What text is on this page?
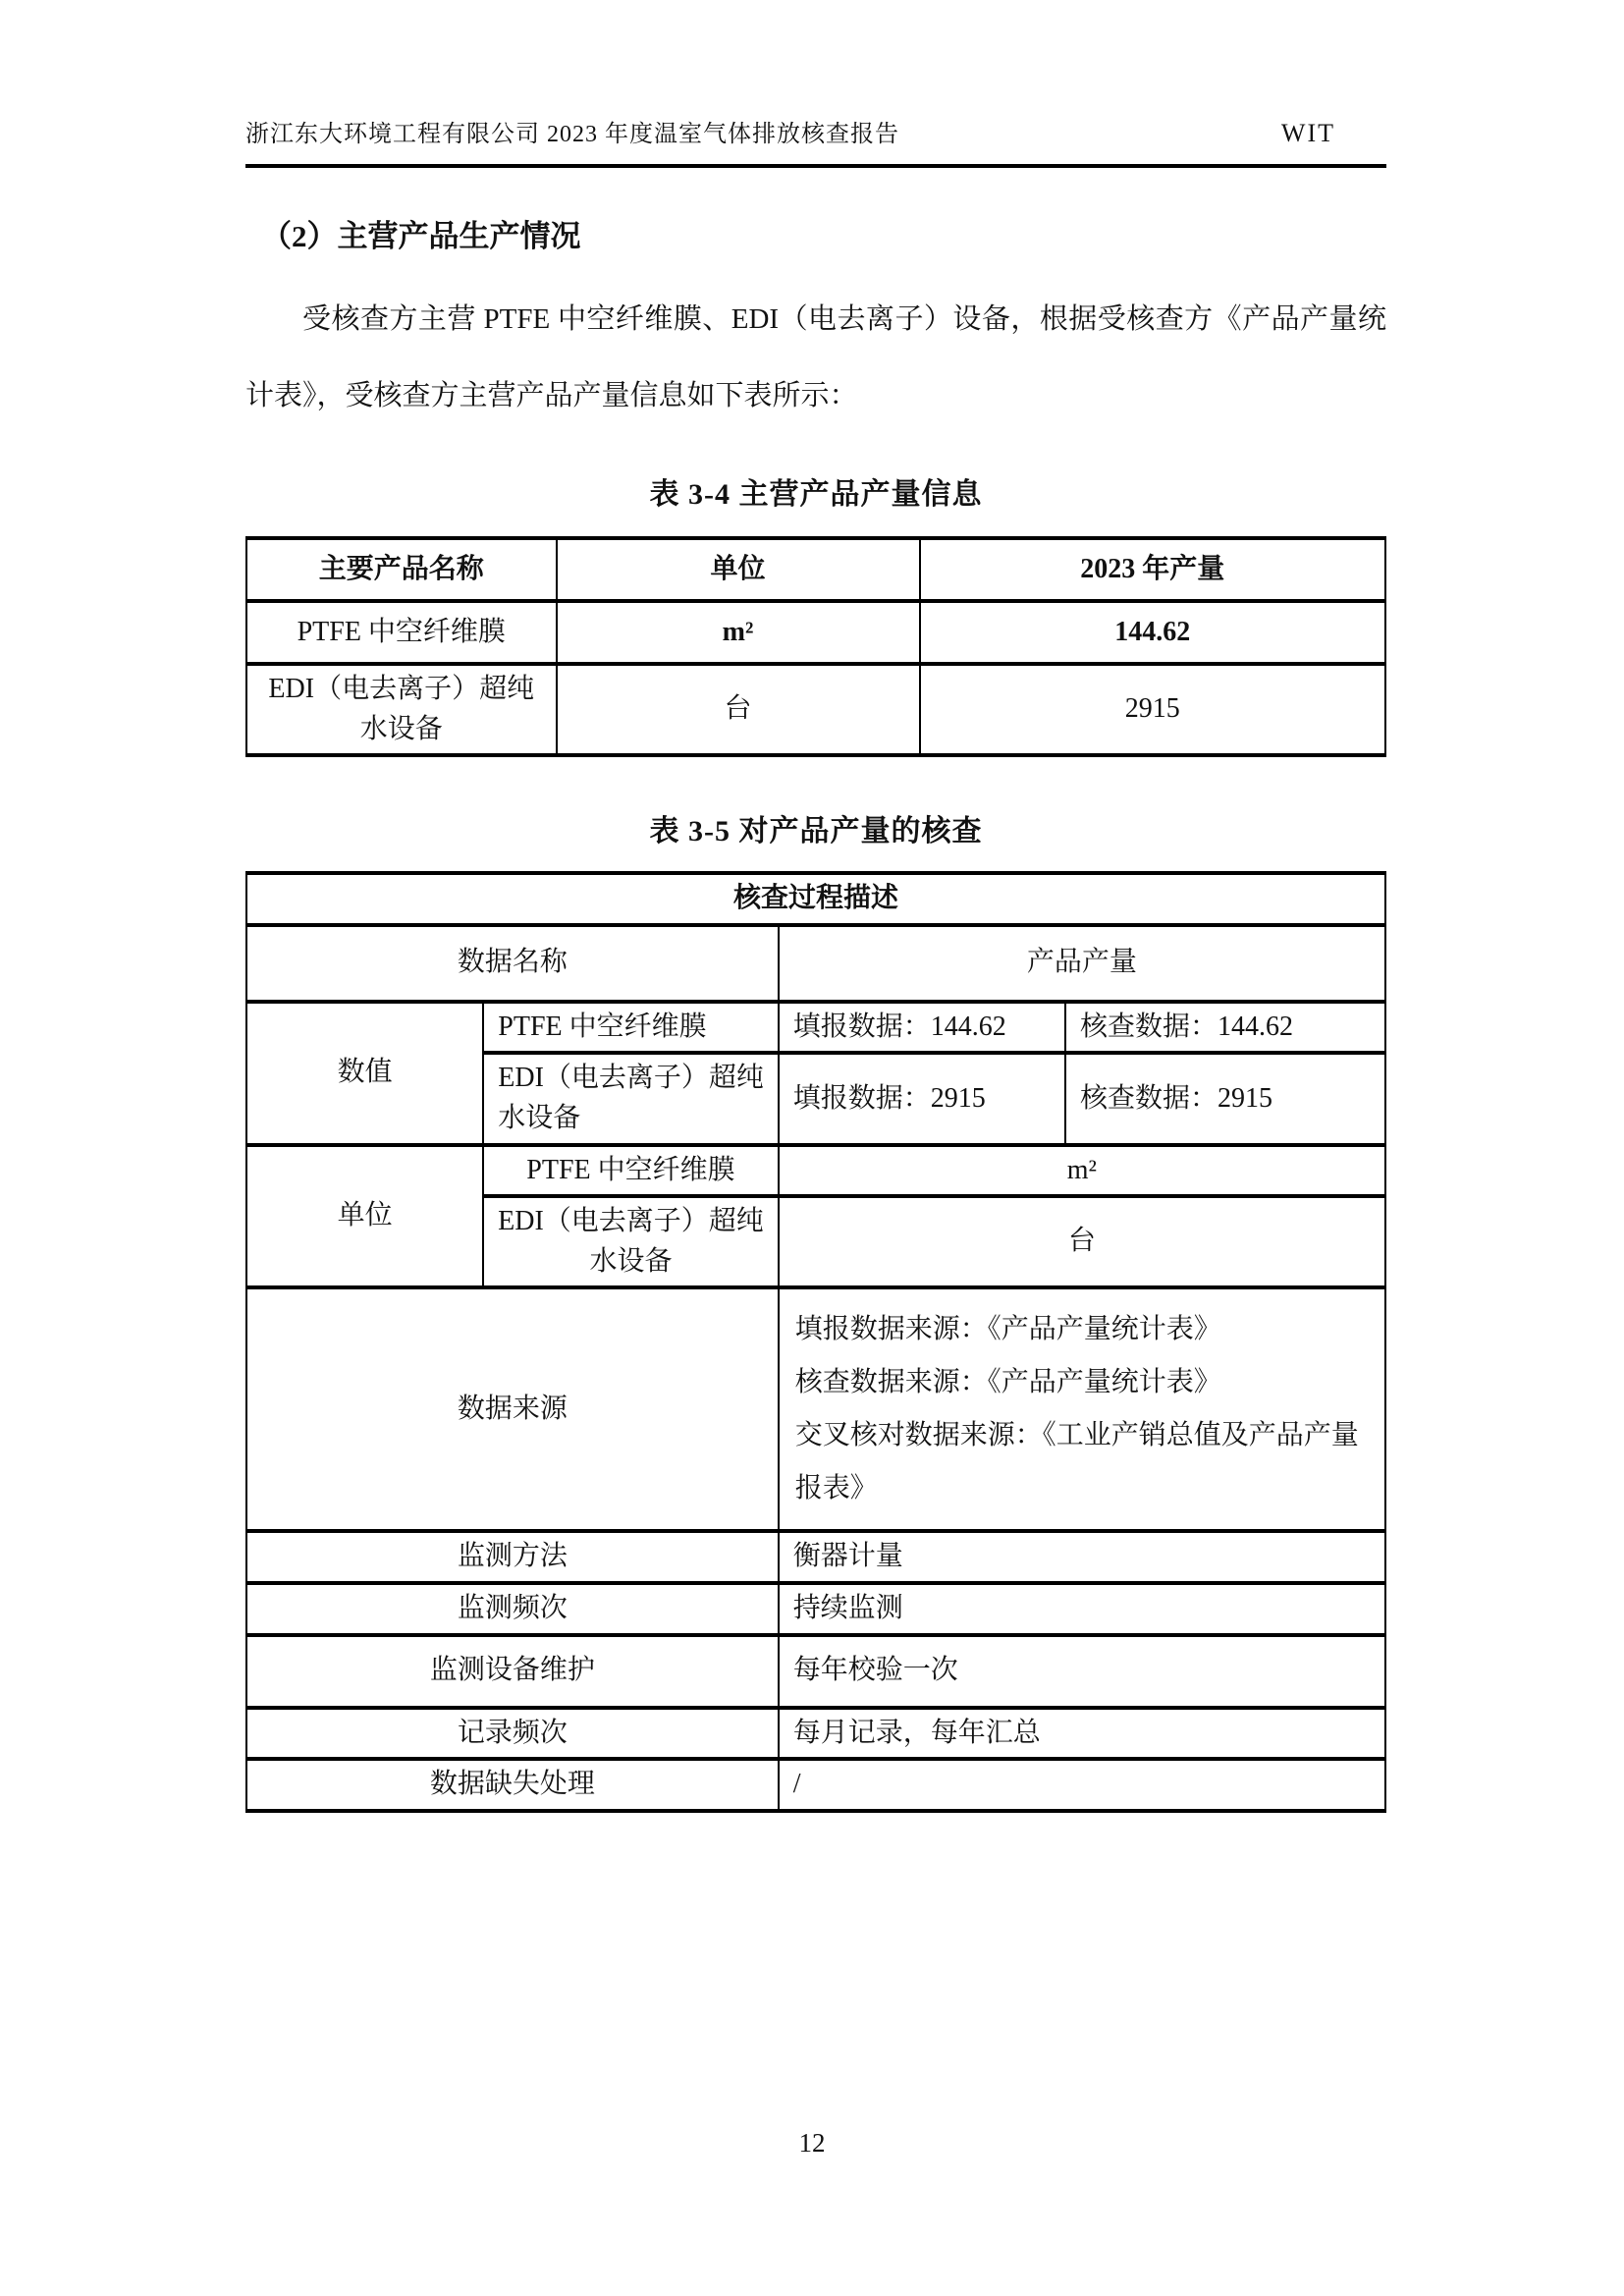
浙江东大环境工程有限公司 2023 年度温室气体排放核查报告	WIT
（2）主营产品生产情况
受核查方主营 PTFE 中空纤维膜、EDI（电去离子）设备，根据受核查方《产品产量统计表》，受核查方主营产品产量信息如下表所示：
表 3-4 主营产品产量信息
主要产品名称	单位	2023 年产量
PTFE 中空纤维膜	m²	144.62
EDI（电去离子）超纯水设备	台	2915
表 3-5 对产品产量的核查
核查过程描述			
数据名称		产品产量	
数值	PTFE 中空纤维膜	填报数据：144.62	核查数据：144.62
	EDI（电去离子）超纯水设备	填报数据：2915	核查数据：2915
单位	PTFE 中空纤维膜	m²	
	EDI（电去离子）超纯水设备	台	
数据来源		填报数据来源：《产品产量统计表》
核查数据来源：《产品产量统计表》
交叉核对数据来源：《工业产销总值及产品产量报表》	

监测方法		衡器计量	
监测频次		持续监测	
监测设备维护		每年校验一次	
记录频次		每月记录，每年汇总	
数据缺失处理		/	
12
